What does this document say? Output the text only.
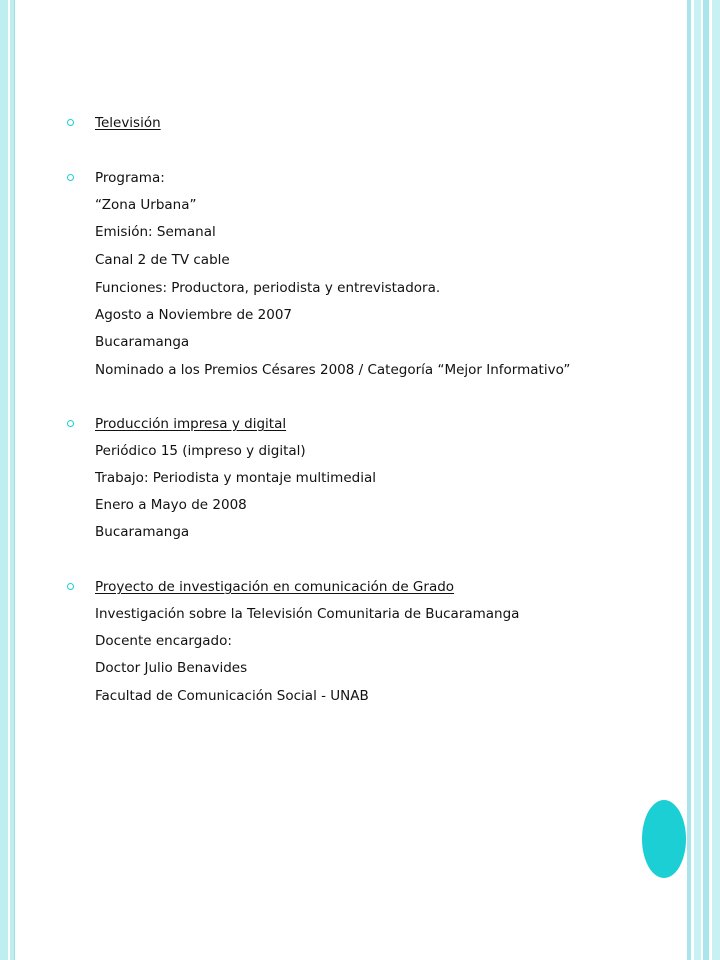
Televisión
Programa:
“Zona Urbana”
Emisión: Semanal
Canal 2 de TV cable
Funciones: Productora, periodista y entrevistadora.
Agosto a Noviembre de 2007
Bucaramanga
Nominado a los Premios Césares 2008 / Categoría “Mejor Informativo”
Producción impresa y digital
Periódico 15 (impreso y digital)
Trabajo: Periodista y montaje multimedial
Enero a Mayo de 2008
Bucaramanga
Proyecto de investigación en comunicación de Grado
Investigación sobre la Televisión Comunitaria de Bucaramanga
Docente encargado:
Doctor Julio Benavides
Facultad de Comunicación Social - UNAB
